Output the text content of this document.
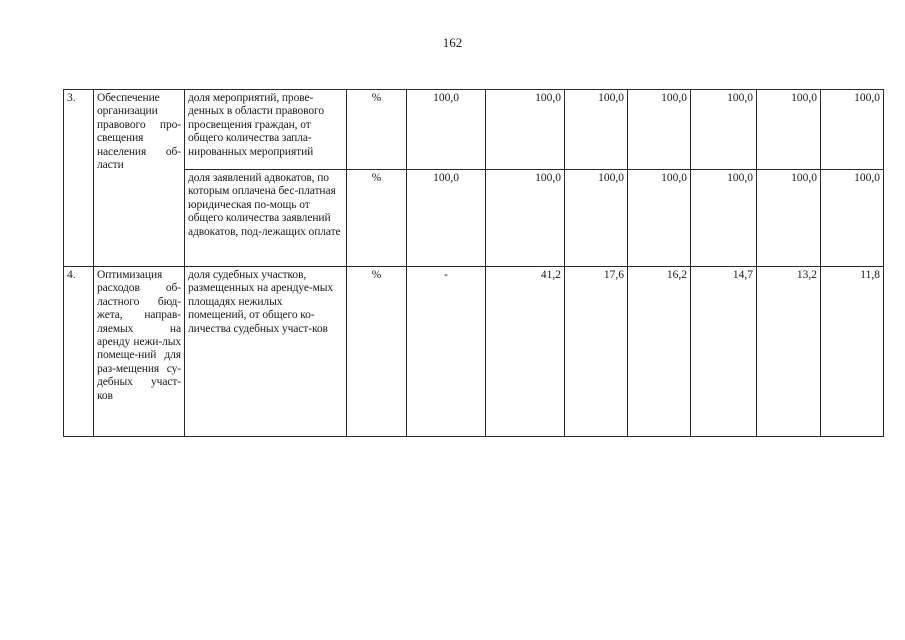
162
3.	Обеспечение организации правового про-свещения населения об-ласти	доля мероприятий, прове-денных в области правового просвещения граждан, от общего количества запла-нированных мероприятий	%	100,0	100,0	100,0	100,0	100,0	100,0	100,0
		доля заявлений адвокатов, по которым оплачена бес-платная юридическая по-мощь от общего количества заявлений адвокатов, под-лежащих оплате	%	100,0	100,0	100,0	100,0	100,0	100,0	100,0
4.	Оптимизация расходов об-ластного бюд-жета, направ-ляемых на аренду нежи-лых помеще-ний для раз-мещения су-дебных участ-ков	доля судебных участков, размещенных на арендуе-мых площадях нежилых помещений, от общего ко-личества судебных участ-ков	%	-	41,2	17,6	16,2	14,7	13,2	11,8
